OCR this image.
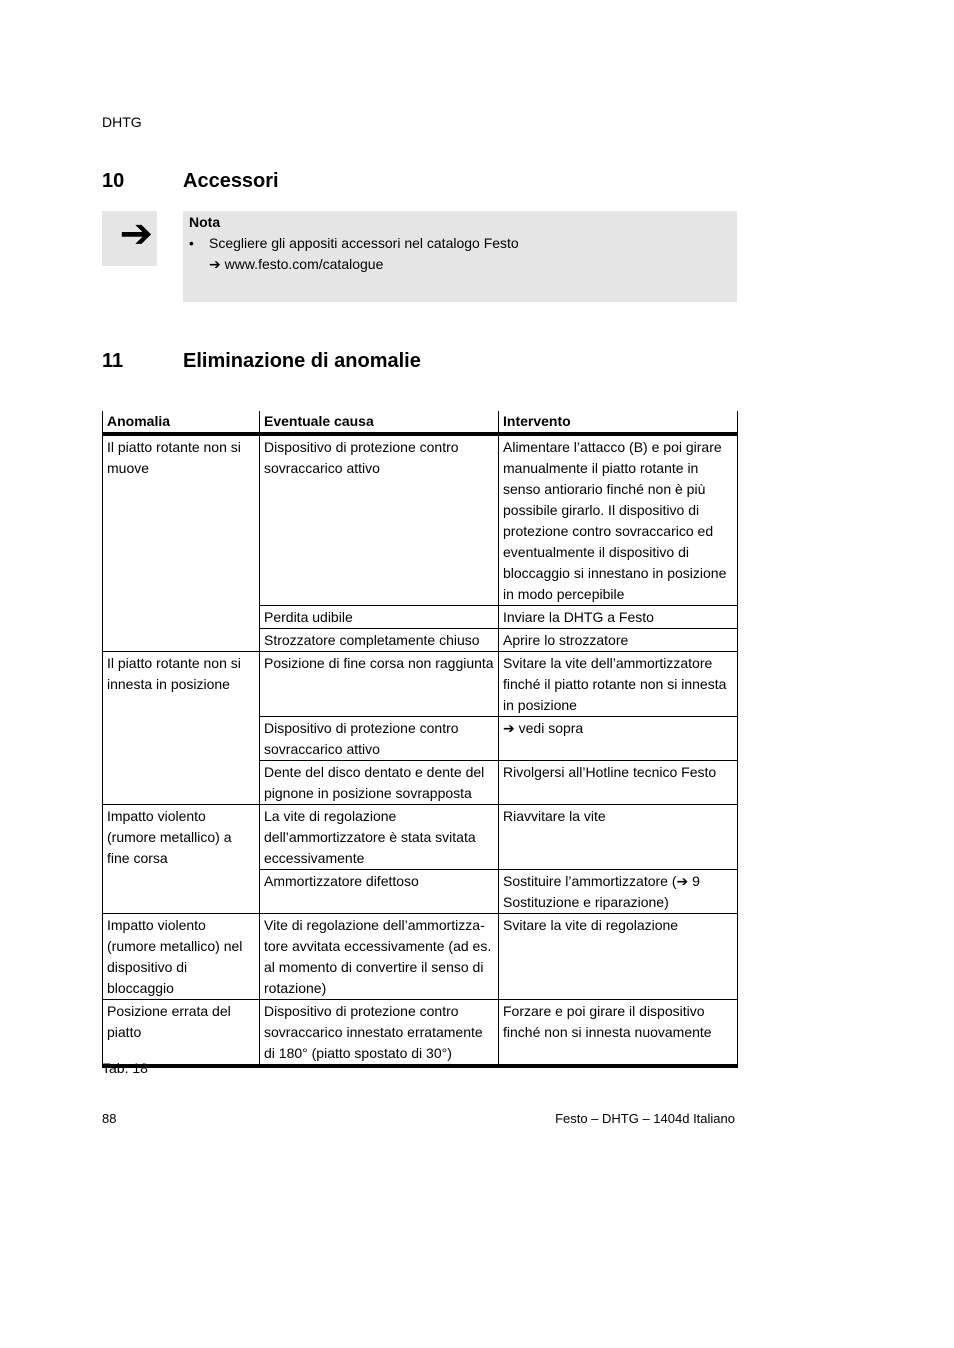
DHTG
10	Accessori
➔	Nota
• Scegliere gli appositi accessori nel catalogo Festo
➔ www.festo.com/catalogue
11	Eliminazione di anomalie
Anomalia	Eventuale causa	Intervento
Il piatto rotante non si muove	Dispositivo di protezione contro sovraccarico attivo	Alimentare l’attacco (B) e poi girare manualmente il piatto rotante in senso antiorario finché non è più possibile girarlo. Il dispositivo di protezione contro sovraccarico ed eventualmente il dispositivo di bloccaggio si innestano in posizione in modo percepibile
	Perdita udibile	Inviare la DHTG a Festo
	Strozzatore completamente chiuso	Aprire lo strozzatore
Il piatto rotante non si innesta in posizione	Posizione di fine corsa non raggiunta	Svitare la vite dell’ammortizzatore finché il piatto rotante non si innesta in posizione
	Dispositivo di protezione contro sovraccarico attivo	➔ vedi sopra
	Dente del disco dentato e dente del pignone in posizione sovrapposta	Rivolgersi all’Hotline tecnico Festo
Impatto violento (rumore metallico) a fine corsa	La vite di regolazione dell’ammortizzatore è stata svitata eccessivamente	Riavvitare la vite
	Ammortizzatore difettoso	Sostituire l’ammortizzatore (➔ 9 Sostituzione e riparazione)
Impatto violento (rumore metallico) nel dispositivo di bloccaggio	Vite di regolazione dell’ammortizza-tore avvitata eccessivamente (ad es. al momento di convertire il senso di rotazione)	Svitare la vite di regolazione
Posizione errata del piatto	Dispositivo di protezione contro sovraccarico innestato erratamente di 180° (piatto spostato di 30°)	Forzare e poi girare il dispositivo finché non si innesta nuovamente
Tab. 18
88	Festo – DHTG – 1404d Italiano
